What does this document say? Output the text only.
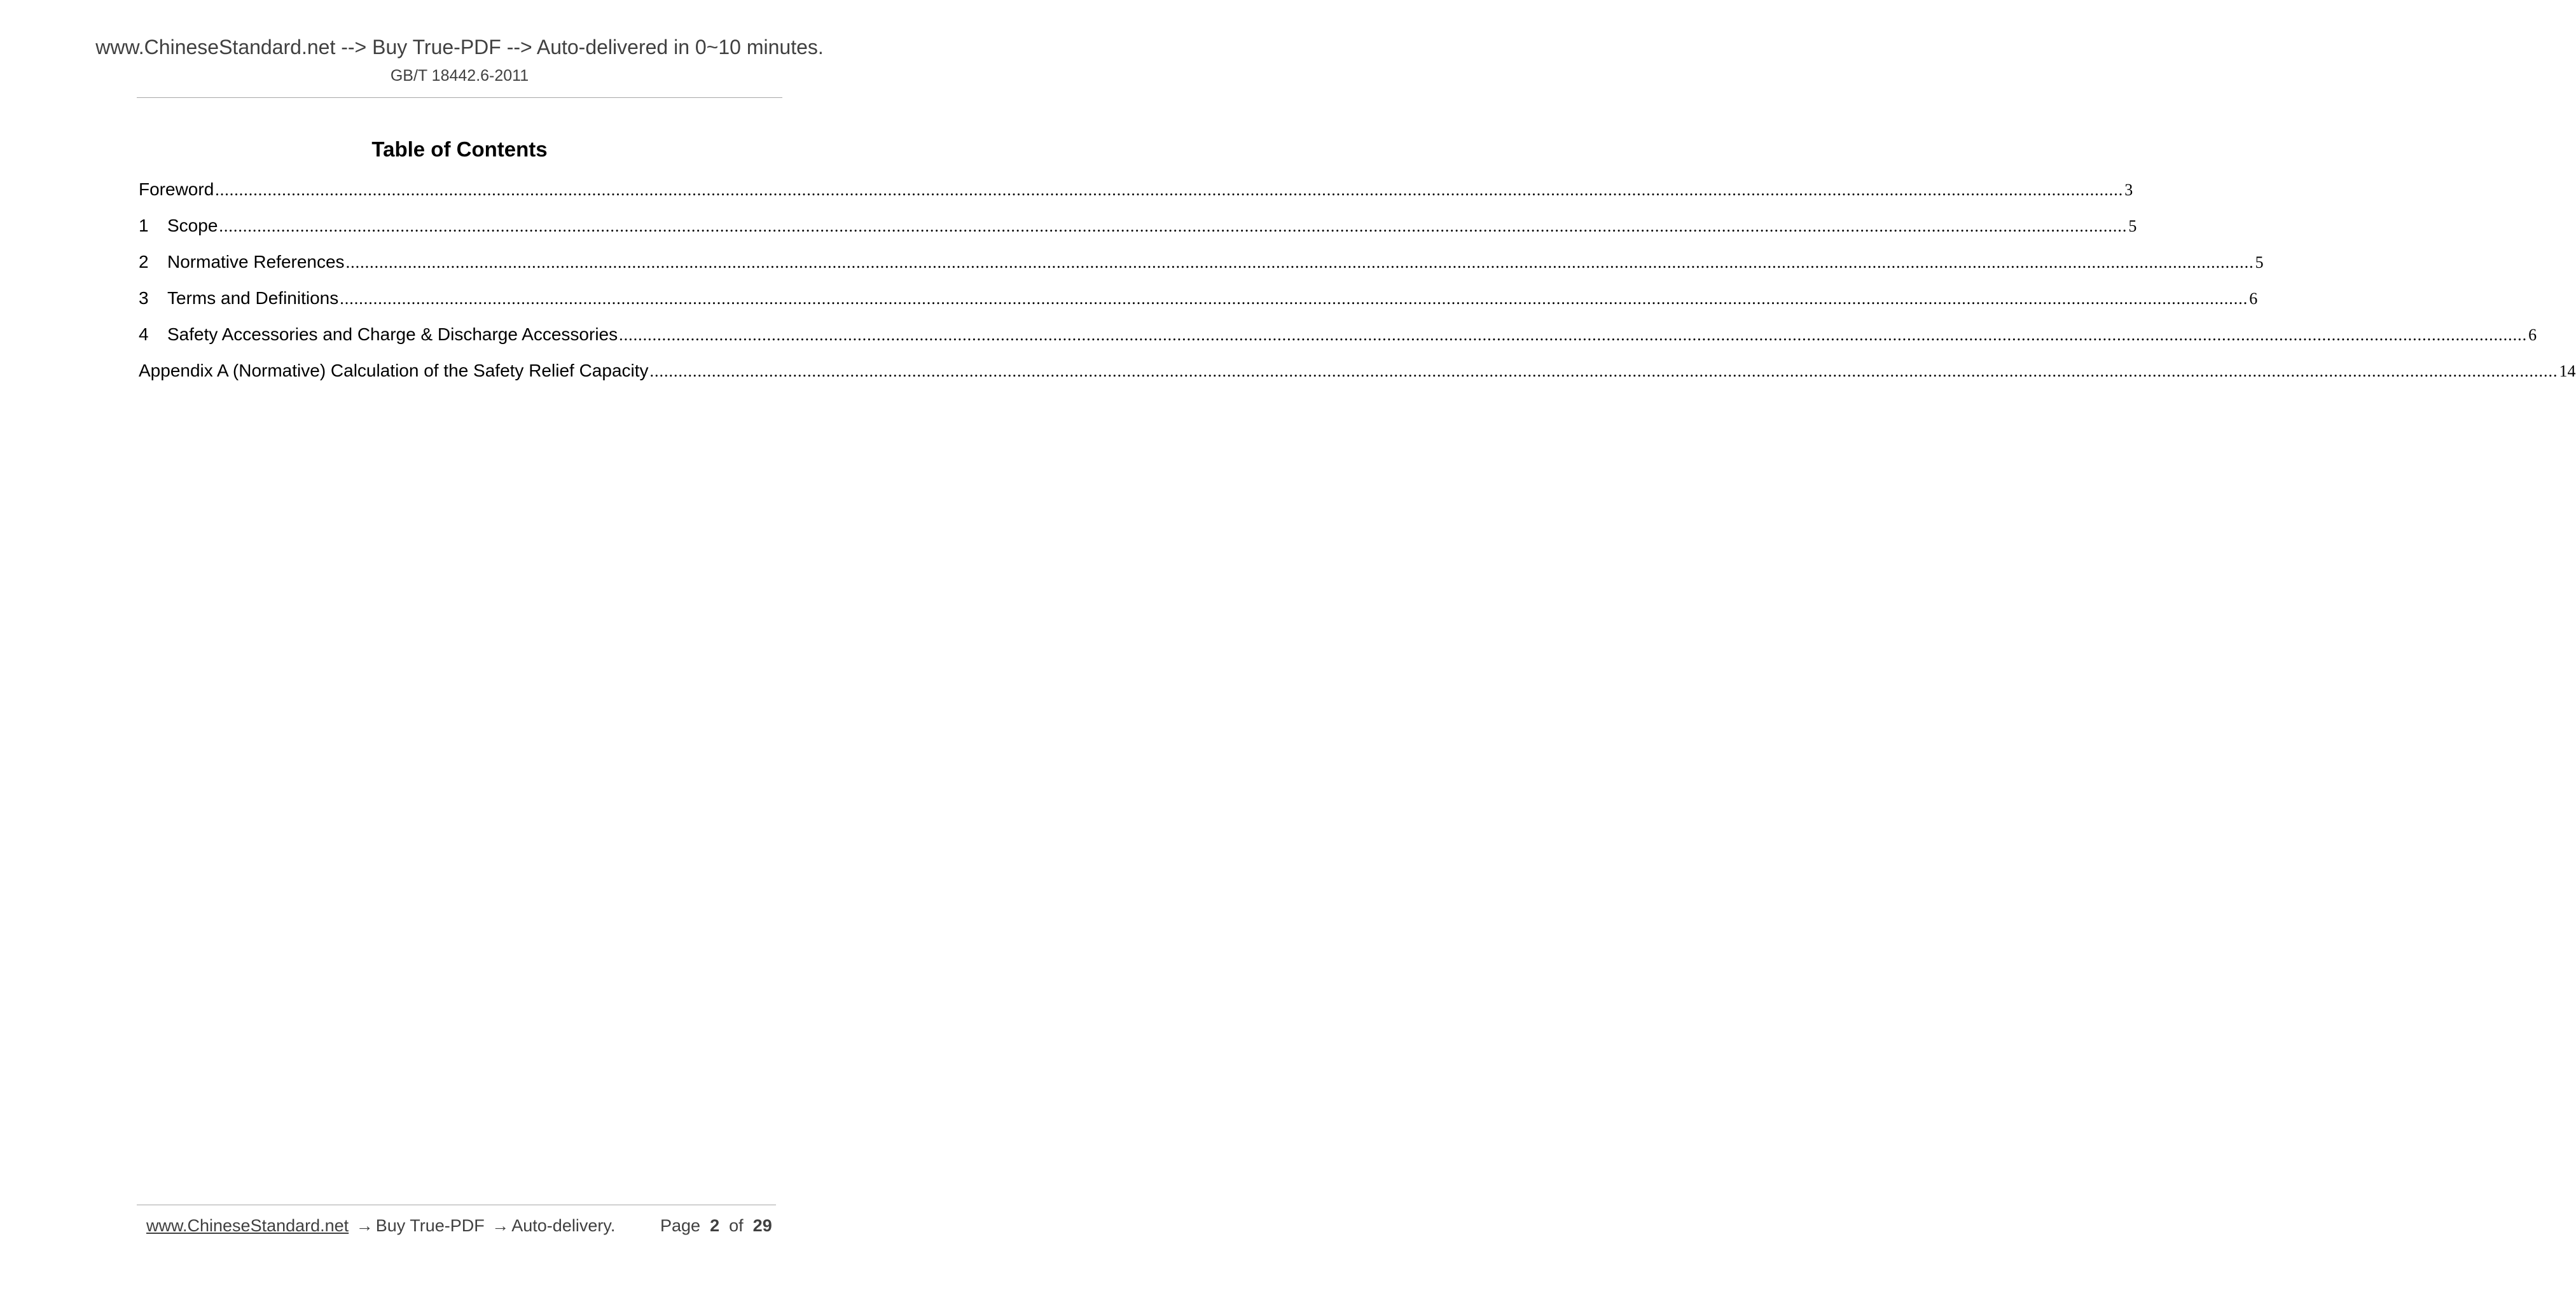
www.ChineseStandard.net --> Buy True-PDF --> Auto-delivered in 0~10 minutes.
GB/T 18442.6-2011
Table of Contents
Foreword ................................................................................................................................................................................................................................................................................................................................................................................................................ 3
1	Scope ................................................................................................................................................................................................................................................................................................................................................................................................................ 5
2	Normative References ................................................................................................................................................................................................................................................................................................................................................................................................................ 5
3	Terms and Definitions ................................................................................................................................................................................................................................................................................................................................................................................................................ 6
4	Safety Accessories and Charge & Discharge Accessories ................................................................................................................................................................................................................................................................................................................................................................................................................ 6
Appendix A (Normative) Calculation of the Safety Relief Capacity ................................................................................................................................................................................................................................................................................................................................................................................................................ 14
www.ChineseStandard.net → Buy True-PDF → Auto-delivery.	Page 2 of 29
